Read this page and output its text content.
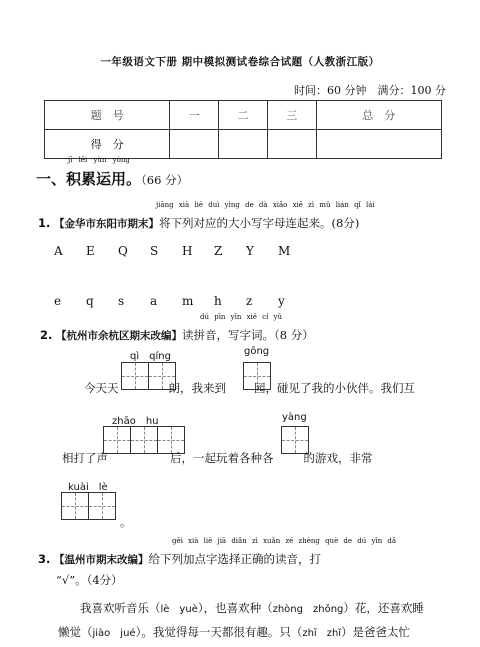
一年级语文下册 期中模拟测试卷综合试题（人教浙江版）
时间：60 分钟　满分：100 分
题　号	一	二	三	总　分
得　分				
jī lěi yùn yòng
一、积累运用。（66 分）
jiāng xià liè duì yìng de dà xiǎo xiě zì mǔ lián qǐ lái
1. 【金华市东阳市期末】将下列对应的大小写字母连起来。(8分)
A E Q S H Z Y M
e q s a m h z y
dú pīn yīn xiě cí yǔ
2. 【杭州市余杭区期末改编】读拼音，写字词。（8 分）
qì　qíng	gōng
今天天	朗，我来到 园，碰见了我的小伙伴。我们互
zhāo　hu	yàng
相打了声	后，一起玩着各种各	的游戏，非常
kuài　lè
。
gěi xià liè jiā diǎn zì xuǎn zé zhèng què de dú yīn dǎ
3. 【温州市期末改编】给下列加点字选择正确的读音，打
“√”。（4分）
我喜欢听音乐（lè　yuè），也喜欢种（zhòng　zhǒng）花，还喜欢睡
懒觉（jiào　jué）。我觉得每一天都很有趣。只（zhī　zhǐ）是爸爸太忙
